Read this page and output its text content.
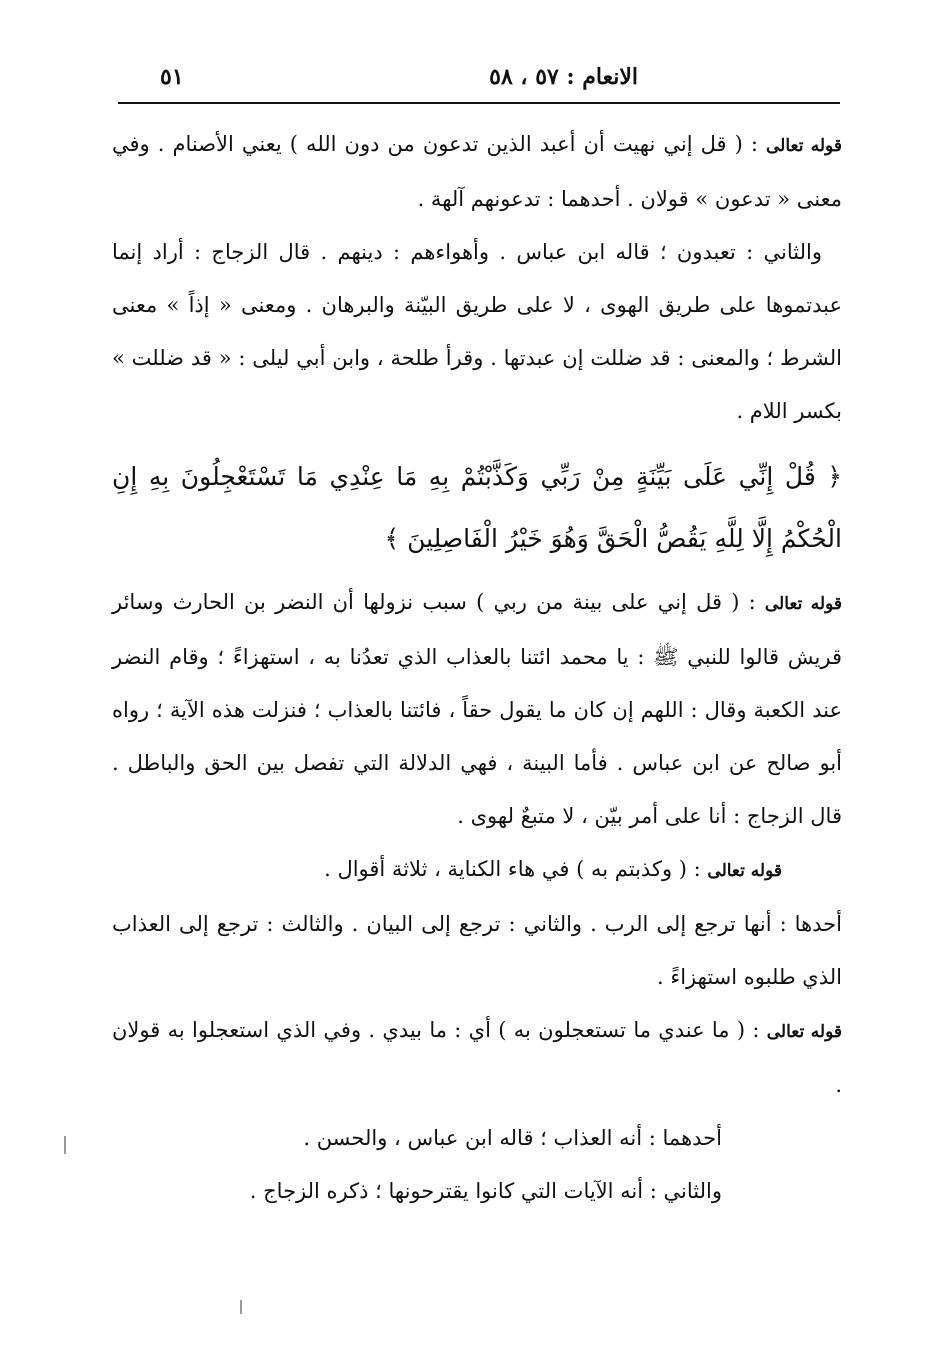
الانعام : ٥٧ ، ٥٨
٥١

قوله تعالى : ( قل إني نهيت أن أعبد الذين تدعون من دون الله ) يعني الأصنام . وفي معنى « تدعون » قولان . أحدهما : تدعونهم آلهة .

والثاني : تعبدون ؛ قاله ابن عباس . وأهواءهم : دينهم . قال الزجاج : أراد إنما عبدتموها على طريق الهوى ، لا على طريق البيّنة والبرهان . ومعنى « إذاً » معنى الشرط ؛ والمعنى : قد ضللت إن عبدتها . وقرأ طلحة ، وابن أبي ليلى : « قد ضللت » بكسر اللام .

﴿ قُلْ إِنِّي عَلَى بَيِّنَةٍ مِنْ رَبِّي وَكَذَّبْتُمْ بِهِ مَا عِنْدِي مَا تَسْتَعْجِلُونَ بِهِ إِنِ الْحُكْمُ إِلَّا لِلَّهِ يَقُصُّ الْحَقَّ وَهُوَ خَيْرُ الْفَاصِلِينَ ﴾

قوله تعالى : ( قل إني على بينة من ربي ) سبب نزولها أن النضر بن الحارث وسائر قريش قالوا للنبي ﷺ : يا محمد ائتنا بالعذاب الذي تعدُنا به ، استهزاءً ؛ وقام النضر عند الكعبة وقال : اللهم إن كان ما يقول حقاً ، فائتنا بالعذاب ؛ فنزلت هذه الآية ؛ رواه أبو صالح عن ابن عباس . فأما البينة ، فهي الدلالة التي تفصل بين الحق والباطل . قال الزجاج : أنا على أمر بيّن ، لا متبعٌ لهوى .

قوله تعالى : ( وكذبتم به ) في هاء الكناية ، ثلاثة أقوال .

أحدها : أنها ترجع إلى الرب . والثاني : ترجع إلى البيان . والثالث : ترجع إلى العذاب الذي طلبوه استهزاءً .

قوله تعالى : ( ما عندي ما تستعجلون به ) أي : ما بيدي . وفي الذي استعجلوا به قولان .

أحدهما : أنه العذاب ؛ قاله ابن عباس ، والحسن .

والثاني : أنه الآيات التي كانوا يقترحونها ؛ ذكره الزجاج .
